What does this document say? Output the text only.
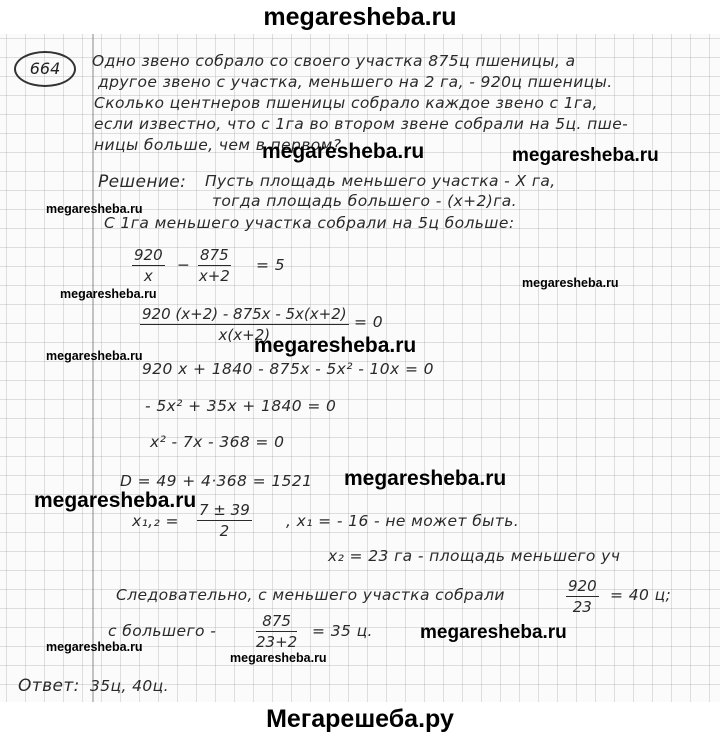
megaresheba.ru
664	Одно звено собрало со своего участка 875ц пшеницы, а
другое звено с участка, меньшего на 2 га, - 920ц пшеницы.
Сколько центнеров пшеницы собрало каждое звено с 1га,
если известно, что с 1га во втором звене собрали на 5ц. пше-
ницы больше, чем в первом?
Решение: Пусть площадь меньшего участка - X га,
тогда площадь большего - (x+2)га.
С 1га меньшего участка собрали на 5ц больше:
$\frac{920}{x} - \frac{875}{x+2} = 5$
$\frac{920 (x+2) - 875x - 5x(x+2)}{x(x+2)} = 0$
920 x + 1840 - 875x - 5x² - 10x = 0
- 5x² + 35x + 1840 = 0
x² - 7x - 368 = 0
D = 49 + 4·368 = 1521
$x_1,_2 = \frac{7 \pm 39}{2}$ , x₁ = - 16 - не может быть.
x₂ = 23 га - площадь меньшего уч
Следовательно, с меньшего участка собрали	$\frac{920}{23} = 40$ ц;
с большего -	$\frac{875}{23+2} = 35$ ц.
Ответ: 35ц, 40ц.
megaresheba.ru	megaresheba.ru
megaresheba.ru
megaresheba.ru
megaresheba.ru
megaresheba.ru
megaresheba.ru
megaresheba.ru
megaresheba.ru
megaresheba.ru
megaresheba.ru
megaresheba.ru
Мегарешеба.ру
